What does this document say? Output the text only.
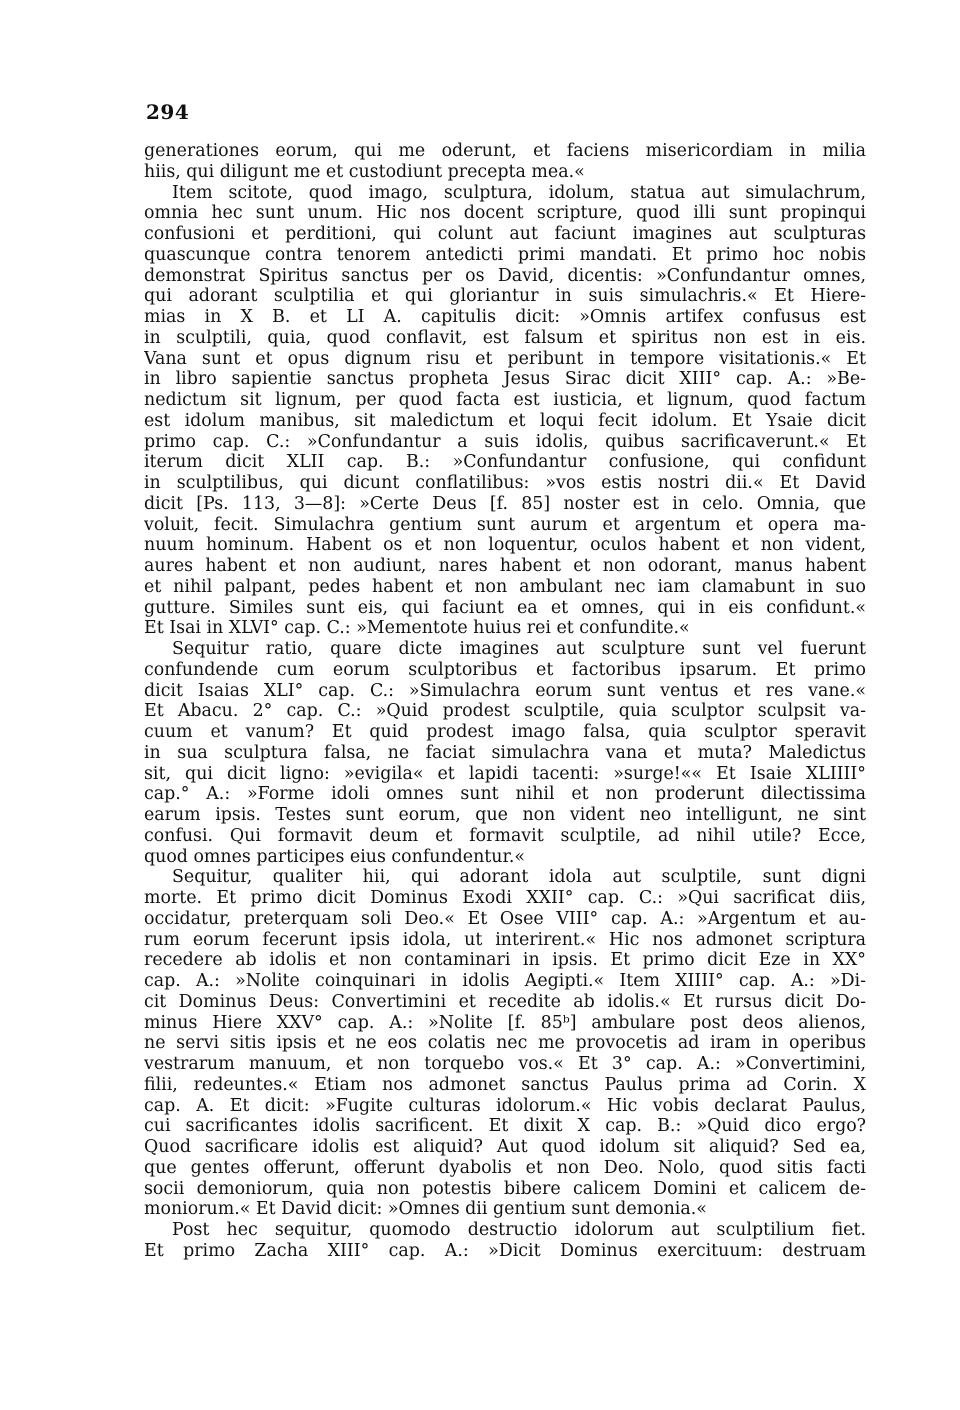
294
generationes eorum, qui me oderunt, et faciens misericordiam in milia
hiis, qui diligunt me et custodiunt precepta mea.«
Item scitote, quod imago, sculptura, idolum, statua aut simulachrum,
omnia hec sunt unum. Hic nos docent scripture, quod illi sunt propinqui
confusioni et perditioni, qui colunt aut faciunt imagines aut sculpturas
quascunque contra tenorem antedicti primi mandati. Et primo hoc nobis
demonstrat Spiritus sanctus per os David, dicentis: »Confundantur omnes,
qui adorant sculptilia et qui gloriantur in suis simulachris.« Et Hiere-
mias in X B. et LI A. capitulis dicit: »Omnis artifex confusus est
in sculptili, quia, quod conflavit, est falsum et spiritus non est in eis.
Vana sunt et opus dignum risu et peribunt in tempore visitationis.« Et
in libro sapientie sanctus propheta Jesus Sirac dicit XIII° cap. A.: »Be-
nedictum sit lignum, per quod facta est iusticia, et lignum, quod factum
est idolum manibus, sit maledictum et loqui fecit idolum. Et Ysaie dicit
primo cap. C.: »Confundantur a suis idolis, quibus sacrificaverunt.« Et
iterum dicit XLII cap. B.: »Confundantur confusione, qui confidunt
in sculptilibus, qui dicunt conflatilibus: »vos estis nostri dii.« Et David
dicit [Ps. 113, 3—8]: »Certe Deus [f. 85] noster est in celo. Omnia, que
voluit, fecit. Simulachra gentium sunt aurum et argentum et opera ma-
nuum hominum. Habent os et non loquentur, oculos habent et non vident,
aures habent et non audiunt, nares habent et non odorant, manus habent
et nihil palpant, pedes habent et non ambulant nec iam clamabunt in suo
gutture. Similes sunt eis, qui faciunt ea et omnes, qui in eis confidunt.«
Et Isai in XLVI° cap. C.: »Mementote huius rei et confundite.«
Sequitur ratio, quare dicte imagines aut sculpture sunt vel fuerunt
confundende cum eorum sculptoribus et factoribus ipsarum. Et primo
dicit Isaias XLI° cap. C.: »Simulachra eorum sunt ventus et res vane.«
Et Abacu. 2° cap. C.: »Quid prodest sculptile, quia sculptor sculpsit va-
cuum et vanum? Et quid prodest imago falsa, quia sculptor speravit
in sua sculptura falsa, ne faciat simulachra vana et muta? Maledictus
sit, qui dicit ligno: »evigila« et lapidi tacenti: »surge!«« Et Isaie XLIIII°
cap.° A.: »Forme idoli omnes sunt nihil et non proderunt dilectissima
earum ipsis. Testes sunt eorum, que non vident neo intelligunt, ne sint
confusi. Qui formavit deum et formavit sculptile, ad nihil utile? Ecce,
quod omnes participes eius confundentur.«
Sequitur, qualiter hii, qui adorant idola aut sculptile, sunt digni
morte. Et primo dicit Dominus Exodi XXII° cap. C.: »Qui sacrificat diis,
occidatur, preterquam soli Deo.« Et Osee VIII° cap. A.: »Argentum et au-
rum eorum fecerunt ipsis idola, ut interirent.« Hic nos admonet scriptura
recedere ab idolis et non contaminari in ipsis. Et primo dicit Eze in XX°
cap. A.: »Nolite coinquinari in idolis Aegipti.« Item XIIII° cap. A.: »Di-
cit Dominus Deus: Convertimini et recedite ab idolis.« Et rursus dicit Do-
minus Hiere XXV° cap. A.: »Nolite [f. 85ᵇ] ambulare post deos alienos,
ne servi sitis ipsis et ne eos colatis nec me provocetis ad iram in operibus
vestrarum manuum, et non torquebo vos.« Et 3° cap. A.: »Convertimini,
filii, redeuntes.« Etiam nos admonet sanctus Paulus prima ad Corin. X
cap. A. Et dicit: »Fugite culturas idolorum.« Hic vobis declarat Paulus,
cui sacrificantes idolis sacrificent. Et dixit X cap. B.: »Quid dico ergo?
Quod sacrificare idolis est aliquid? Aut quod idolum sit aliquid? Sed ea,
que gentes offerunt, offerunt dyabolis et non Deo. Nolo, quod sitis facti
socii demoniorum, quia non potestis bibere calicem Domini et calicem de-
moniorum.« Et David dicit: »Omnes dii gentium sunt demonia.«
Post hec sequitur, quomodo destructio idolorum aut sculptilium fiet.
Et primo Zacha XIII° cap. A.: »Dicit Dominus exercituum: destruam
